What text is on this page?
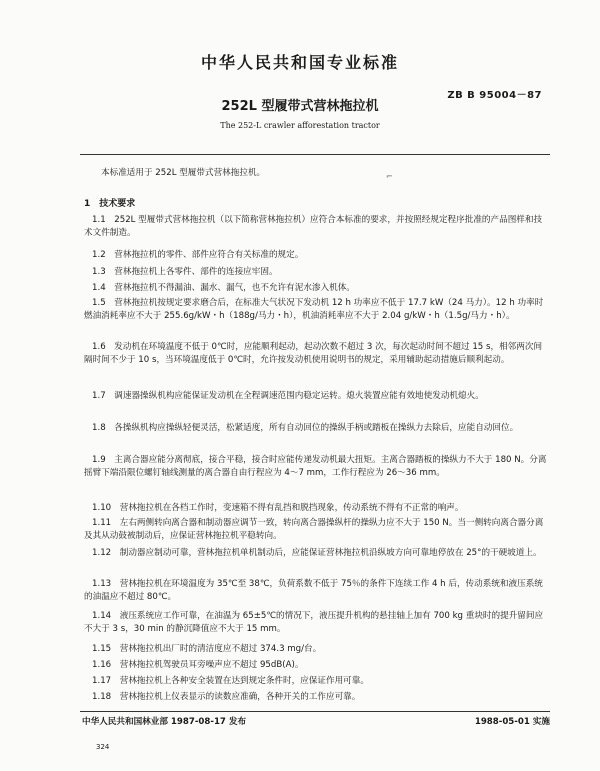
中华人民共和国专业标准
ZB B 95004－87
252L 型履带式营林拖拉机
The 252-L crawler afforestation tractor
本标准适用于 252L 型履带式营林拖拉机。	⌐
1　技术要求
1.1　252L 型履带式营林拖拉机（以下简称营林拖拉机）应符合本标准的要求，并按照经规定程序批准的产品图样和技术文件制造。
1.2　营林拖拉机的零件、部件应符合有关标准的规定。
1.3　营林拖拉机上各零件、部件的连接应牢固。
1.4　营林拖拉机不得漏油、漏水、漏气，也不允许有泥水渗入机体。
1.5　营林拖拉机按规定要求磨合后，在标准大气状况下发动机 12 h 功率应不低于 17.7 kW（24 马力）。12 h 功率时燃油消耗率应不大于 255.6g/kW・h（188g/马力・h），机油消耗率应不大于 2.04 g/kW・h（1.5g/马力・h）。
1.6　发动机在环境温度不低于 0℃时，应能顺利起动，起动次数不超过 3 次，每次起动时间不超过 15 s，相邻两次间隔时间不少于 10 s，当环境温度低于 0℃时，允许按发动机使用说明书的规定，采用辅助起动措施后顺利起动。
1.7　调速器操纵机构应能保证发动机在全程调速范围内稳定运转。熄火装置应能有效地使发动机熄火。
1.8　各操纵机构应操纵轻便灵活，松紧适度，所有自动回位的操纵手柄或踏板在操纵力去除后，应能自动回位。
1.9　主离合器应能分离彻底，接合平稳，接合时应能传递发动机最大扭矩。主离合器踏板的操纵力不大于 180 N。分离摇臂下端沿限位螺钉轴线测量的离合器自由行程应为 4～7 mm，工作行程应为 26～36 mm。
1.10　营林拖拉机在各档工作时，变速箱不得有乱挡和脱挡现象，传动系统不得有不正常的响声。
1.11　左右两侧转向离合器和制动器应调节一致，转向离合器操纵杆的操纵力应不大于 150 N。当一侧转向离合器分离及其从动鼓被制动后，应保证营林拖拉机平稳转向。
1.12　制动器应制动可靠，营林拖拉机单机制动后，应能保证营林拖拉机沿纵坡方向可靠地停放在 25°的干硬坡道上。
1.13　营林拖拉机在环境温度为 35℃至 38℃，负荷系数不低于 75％的条件下连续工作 4 h 后，传动系统和液压系统的油温应不超过 80℃。
1.14　液压系统应工作可靠，在油温为 65±5℃的情况下，液压提升机构的悬挂轴上加有 700 kg 重块时的提升留间应不大于 3 s，30 min 的静沉降值应不大于 15 mm。
1.15　营林拖拉机出厂时的清洁度应不超过 374.3 mg/台。
1.16　营林拖拉机驾驶员耳旁噪声应不超过 95dB(A)。
1.17　营林拖拉机上各种安全装置在达到规定条件时，应保证作用可靠。
1.18　营林拖拉机上仪表显示的读数应准确，各种开关的工作应可靠。
中华人民共和国林业部 1987-08-17 发布	1988-05-01 实施
324
